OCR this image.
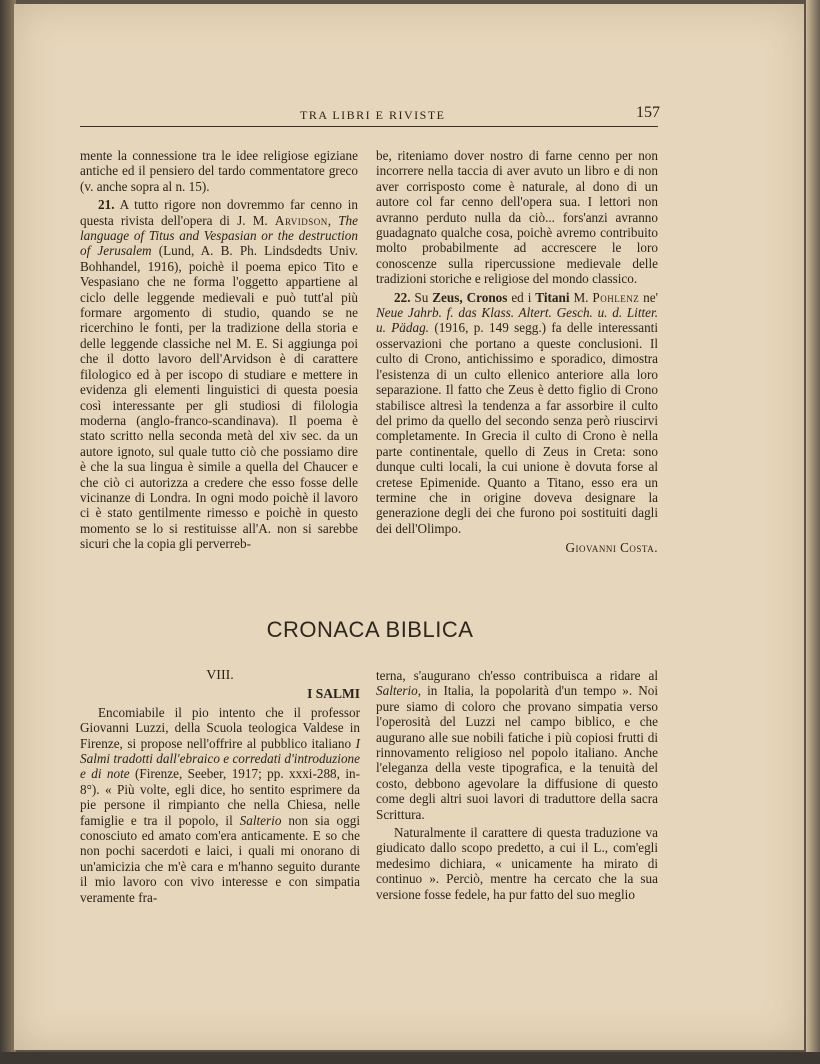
TRA LIBRI E RIVISTE	157

mente la connessione tra le idee religiose egiziane antiche ed il pensiero del tardo commentatore greco (v. anche sopra al n. 15).

21. A tutto rigore non dovremmo far cenno in questa rivista dell'opera di J. M. Arvidson, The language of Titus and Vespasian or the destruction of Jerusalem (Lund, A. B. Ph. Lindsdedts Univ. Bohhandel, 1916), poichè il poema epico Tito e Vespasiano che ne forma l'oggetto appartiene al ciclo delle leggende medievali e può tutt'al più formare argomento di studio, quando se ne ricerchino le fonti, per la tradizione della storia e delle leggende classiche nel M. E. Si aggiunga poi che il dotto lavoro dell'Arvidson è di carattere filologico ed à per iscopo di studiare e mettere in evidenza gli elementi linguistici di questa poesia così interessante per gli studiosi di filologia moderna (anglo-franco-scandinava). Il poema è stato scritto nella seconda metà del xiv sec. da un autore ignoto, sul quale tutto ciò che possiamo dire è che la sua lingua è simile a quella del Chaucer e che ciò ci autorizza a credere che esso fosse delle vicinanze di Londra. In ogni modo poichè il lavoro ci è stato gentilmente rimesso e poichè in questo momento se lo si restituisse all'A. non si sarebbe sicuri che la copia gli perverreb-

be, riteniamo dover nostro di farne cenno per non incorrere nella taccia di aver avuto un libro e di non aver corrisposto come è naturale, al dono di un autore col far cenno dell'opera sua. I lettori non avranno perduto nulla da ciò... fors'anzi avranno guadagnato qualche cosa, poichè avremo contribuito molto probabilmente ad accrescere le loro conoscenze sulla ripercussione medievale delle tradizioni storiche e religiose del mondo classico.

22. Su Zeus, Cronos ed i Titani M. Pohlenz ne' Neue Jahrb. f. das Klass. Altert. Gesch. u. d. Litter. u. Pädag. (1916, p. 149 segg.) fa delle interessanti osservazioni che portano a queste conclusioni. Il culto di Crono, antichissimo e sporadico, dimostra l'esistenza di un culto ellenico anteriore alla loro separazione. Il fatto che Zeus è detto figlio di Crono stabilisce altresì la tendenza a far assorbire il culto del primo da quello del secondo senza però riuscirvi completamente. In Grecia il culto di Crono è nella parte continentale, quello di Zeus in Creta: sono dunque culti locali, la cui unione è dovuta forse al cretese Epimenide. Quanto a Titano, esso era un termine che in origine doveva designare la generazione degli dei che furono poi sostituiti dagli dei dell'Olimpo.

Giovanni Costa.

CRONACA BIBLICA

VIII.

I SALMI

Encomiabile il pio intento che il professor Giovanni Luzzi, della Scuola teologica Valdese in Firenze, si propose nell'offrire al pubblico italiano I Salmi tradotti dall'ebraico e corredati d'introduzione e di note (Firenze, Seeber, 1917; pp. xxxi-288, in-8°). « Più volte, egli dice, ho sentito esprimere da pie persone il rimpianto che nella Chiesa, nelle famiglie e tra il popolo, il Salterio non sia oggi conosciuto ed amato com'era anticamente. E so che non pochi sacerdoti e laici, i quali mi onorano di un'amicizia che m'è cara e m'hanno seguito durante il mio lavoro con vivo interesse e con simpatia veramente fra-

terna, s'augurano ch'esso contribuisca a ridare al Salterio, in Italia, la popolarità d'un tempo ». Noi pure siamo di coloro che provano simpatia verso l'operosità del Luzzi nel campo biblico, e che augurano alle sue nobili fatiche i più copiosi frutti di rinnovamento religioso nel popolo italiano. Anche l'eleganza della veste tipografica, e la tenuità del costo, debbono agevolare la diffusione di questo come degli altri suoi lavori di traduttore della sacra Scrittura.

Naturalmente il carattere di questa traduzione va giudicato dallo scopo predetto, a cui il L., com'egli medesimo dichiara, « unicamente ha mirato di continuo ». Perciò, mentre ha cercato che la sua versione fosse fedele, ha pur fatto del suo meglio
